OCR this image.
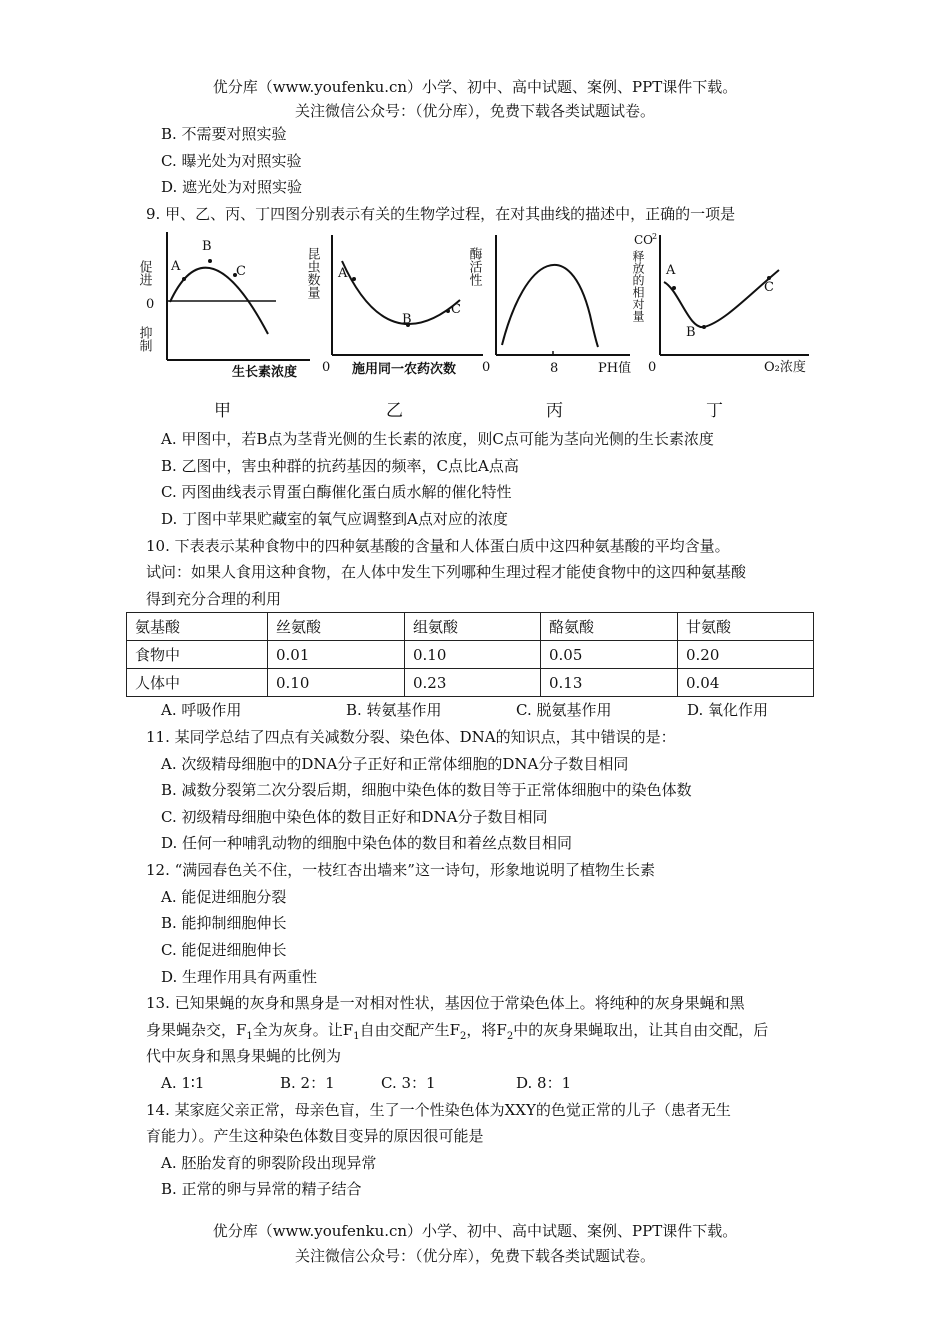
优分库（www.youfenku.cn）小学、初中、高中试题、案例、PPT课件下载。
关注微信公众号：（优分库），免费下载各类试题试卷。
B. 不需要对照实验
C. 曝光处为对照实验
D. 遮光处为对照实验
9. 甲、乙、丙、丁四图分别表示有关的生物学过程，在对其曲线的描述中，正确的一项是
促进
0
抑制
A
B
C
生长素浓度
甲
昆虫数量
0
A
B
C
施用同一农药次数
乙
酶活性
0	8	PH值
丙
CO
2
释放的相对量
0
A
B
C
O₂浓度
丁
A. 甲图中，若B点为茎背光侧的生长素的浓度，则C点可能为茎向光侧的生长素浓度
B. 乙图中，害虫种群的抗药基因的频率，C点比A点高
C. 丙图曲线表示胃蛋白酶催化蛋白质水解的催化特性
D. 丁图中苹果贮藏室的氧气应调整到A点对应的浓度
10. 下表表示某种食物中的四种氨基酸的含量和人体蛋白质中这四种氨基酸的平均含量。
试问：如果人食用这种食物，在人体中发生下列哪种生理过程才能使食物中的这四种氨基酸
得到充分合理的利用
氨基酸	丝氨酸	组氨酸	酪氨酸	甘氨酸
食物中	0.01	0.10	0.05	0.20
人体中	0.10	0.23	0.13	0.04
A. 呼吸作用	B. 转氨基作用	C. 脱氨基作用	D. 氧化作用
11. 某同学总结了四点有关减数分裂、染色体、DNA的知识点，其中错误的是：
A. 次级精母细胞中的DNA分子正好和正常体细胞的DNA分子数目相同
B. 减数分裂第二次分裂后期，细胞中染色体的数目等于正常体细胞中的染色体数
C. 初级精母细胞中染色体的数目正好和DNA分子数目相同
D. 任何一种哺乳动物的细胞中染色体的数目和着丝点数目相同
12. “满园春色关不住，一枝红杏出墙来”这一诗句，形象地说明了植物生长素
A. 能促进细胞分裂
B. 能抑制细胞伸长
C. 能促进细胞伸长
D. 生理作用具有两重性
13. 已知果蝇的灰身和黑身是一对相对性状，基因位于常染色体上。将纯种的灰身果蝇和黑
身果蝇杂交，$F_1$全为灰身。让$F_1$自由交配产生$F_2$，将$F_2$中的灰身果蝇取出，让其自由交配，后
代中灰身和黑身果蝇的比例为
A. 1∶1	B. 2：1	C. 3：1	D. 8：1
14. 某家庭父亲正常，母亲色盲，生了一个性染色体为XXY的色觉正常的儿子（患者无生
育能力）。产生这种染色体数目变异的原因很可能是
A. 胚胎发育的卵裂阶段出现异常
B. 正常的卵与异常的精子结合
优分库（www.youfenku.cn）小学、初中、高中试题、案例、PPT课件下载。
关注微信公众号：（优分库），免费下载各类试题试卷。
